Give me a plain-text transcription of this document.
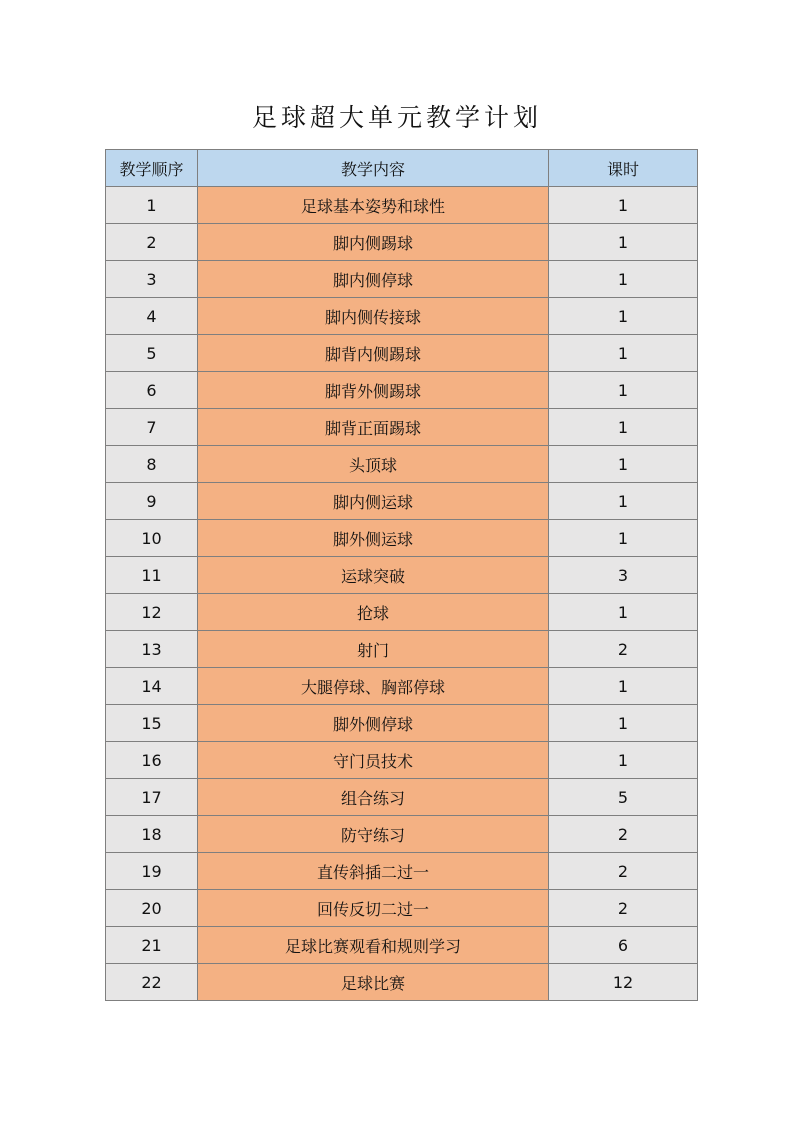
足球超大单元教学计划
教学顺序	教学内容	课时
1	足球基本姿势和球性	1
2	脚内侧踢球	1
3	脚内侧停球	1
4	脚内侧传接球	1
5	脚背内侧踢球	1
6	脚背外侧踢球	1
7	脚背正面踢球	1
8	头顶球	1
9	脚内侧运球	1
10	脚外侧运球	1
11	运球突破	3
12	抢球	1
13	射门	2
14	大腿停球、胸部停球	1
15	脚外侧停球	1
16	守门员技术	1
17	组合练习	5
18	防守练习	2
19	直传斜插二过一	2
20	回传反切二过一	2
21	足球比赛观看和规则学习	6
22	足球比赛	12
